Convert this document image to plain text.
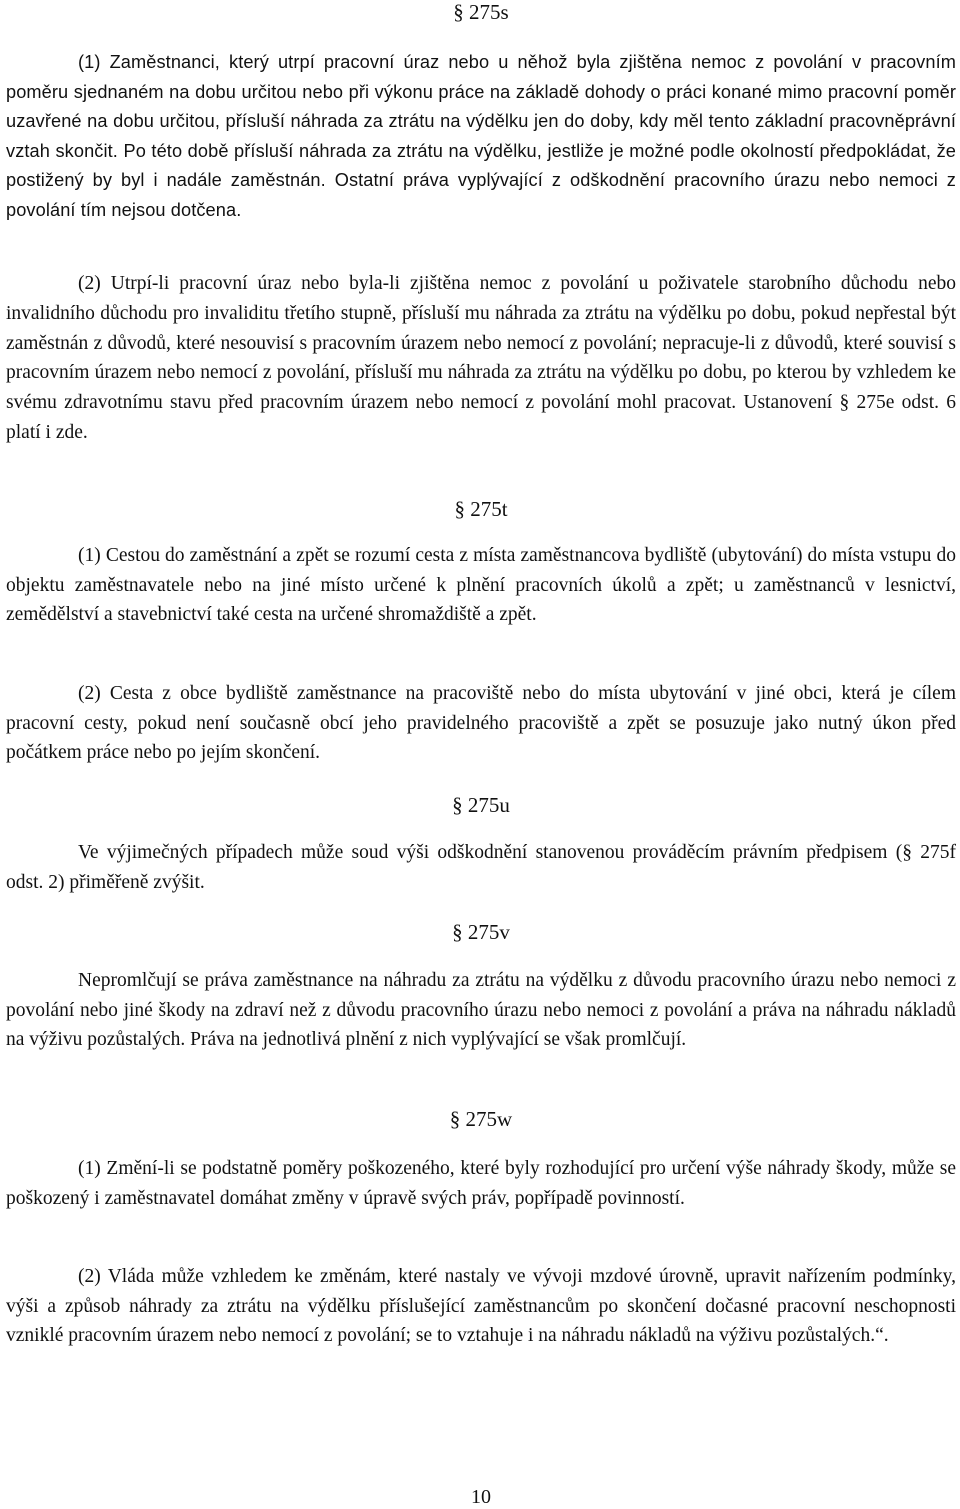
§ 275s

(1) Zaměstnanci, který utrpí pracovní úraz nebo u něhož byla zjištěna nemoc z povolání v pracovním poměru sjednaném na dobu určitou nebo při výkonu práce na základě dohody o práci konané mimo pracovní poměr uzavřené na dobu určitou, přísluší náhrada za ztrátu na výdělku jen do doby, kdy měl tento základní pracovněprávní vztah skončit. Po této době přísluší náhrada za ztrátu na výdělku, jestliže je možné podle okolností předpokládat, že postižený by byl i nadále zaměstnán. Ostatní práva vyplývající z odškodnění pracovního úrazu nebo nemoci z povolání tím nejsou dotčena.

(2) Utrpí-li pracovní úraz nebo byla-li zjištěna nemoc z povolání u poživatele starobního důchodu nebo invalidního důchodu pro invaliditu třetího stupně, přísluší mu náhrada za ztrátu na výdělku po dobu, pokud nepřestal být zaměstnán z důvodů, které nesouvisí s pracovním úrazem nebo nemocí z povolání; nepracuje-li z důvodů, které souvisí s pracovním úrazem nebo nemocí z povolání, přísluší mu náhrada za ztrátu na výdělku po dobu, po kterou by vzhledem ke svému zdravotnímu stavu před pracovním úrazem nebo nemocí z povolání mohl pracovat. Ustanovení § 275e odst. 6 platí i zde.

§ 275t

(1) Cestou do zaměstnání a zpět se rozumí cesta z místa zaměstnancova bydliště (ubytování) do místa vstupu do objektu zaměstnavatele nebo na jiné místo určené k plnění pracovních úkolů a zpět; u zaměstnanců v lesnictví, zemědělství a stavebnictví také cesta na určené shromaždiště a zpět.

(2) Cesta z obce bydliště zaměstnance na pracoviště nebo do místa ubytování v jiné obci, která je cílem pracovní cesty, pokud není současně obcí jeho pravidelného pracoviště a zpět se posuzuje jako nutný úkon před počátkem práce nebo po jejím skončení.

§ 275u

Ve výjimečných případech může soud výši odškodnění stanovenou prováděcím právním předpisem (§ 275f odst. 2) přiměřeně zvýšit.

§ 275v

Nepromlčují se práva zaměstnance na náhradu za ztrátu na výdělku z důvodu pracovního úrazu nebo nemoci z povolání nebo jiné škody na zdraví než z důvodu pracovního úrazu nebo nemoci z povolání a práva na náhradu nákladů na výživu pozůstalých. Práva na jednotlivá plnění z nich vyplývající se však promlčují.

§ 275w

(1) Změní-li se podstatně poměry poškozeného, které byly rozhodující pro určení výše náhrady škody, může se poškozený i zaměstnavatel domáhat změny v úpravě svých práv, popřípadě povinností.

(2) Vláda může vzhledem ke změnám, které nastaly ve vývoji mzdové úrovně, upravit nařízením podmínky, výši a způsob náhrady za ztrátu na výdělku příslušející zaměstnancům po skončení dočasné pracovní neschopnosti vzniklé pracovním úrazem nebo nemocí z povolání; se to vztahuje i na náhradu nákladů na výživu pozůstalých.“.

10
